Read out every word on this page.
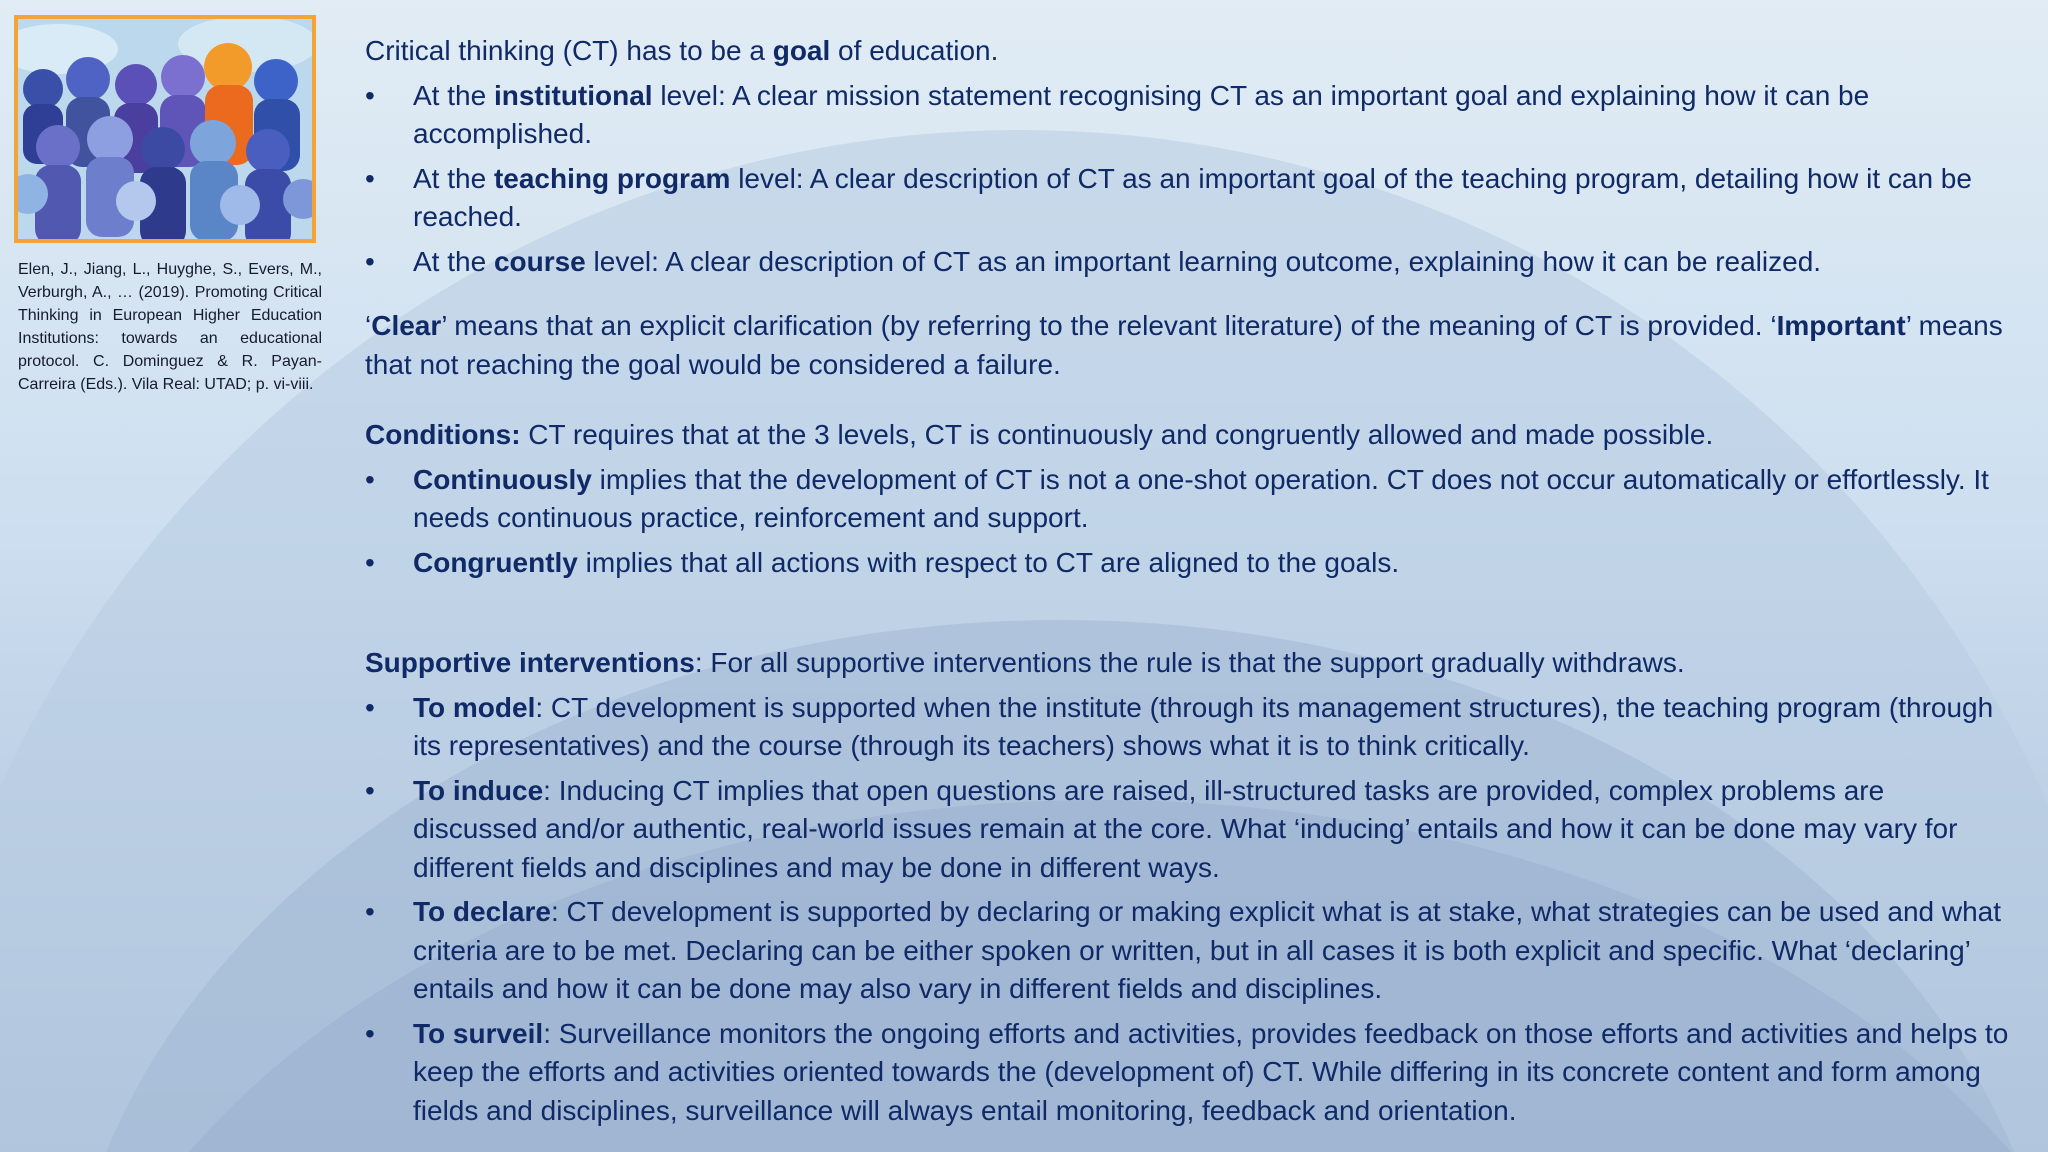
Elen, J., Jiang, L., Huyghe, S., Evers, M., Verburgh, A., … (2019). Promoting Critical Thinking in European Higher Education Institutions: towards an educational protocol. C. Dominguez & R. Payan-Carreira (Eds.). Vila Real: UTAD; p. vi-viii.

Critical thinking (CT) has to be a goal of education.

• At the institutional level: A clear mission statement recognising CT as an important goal and explaining how it can be accomplished.
• At the teaching program level: A clear description of CT as an important goal of the teaching program, detailing how it can be reached.
• At the course level: A clear description of CT as an important learning outcome, explaining how it can be realized.

‘Clear’ means that an explicit clarification (by referring to the relevant literature) of the meaning of CT is provided. ‘Important’ means that not reaching the goal would be considered a failure.

Conditions: CT requires that at the 3 levels, CT is continuously and congruently allowed and made possible.

• Continuously implies that the development of CT is not a one-shot operation. CT does not occur automatically or effortlessly. It needs continuous practice, reinforcement and support.
• Congruently implies that all actions with respect to CT are aligned to the goals.

Supportive interventions: For all supportive interventions the rule is that the support gradually withdraws.

• To model: CT development is supported when the institute (through its management structures), the teaching program (through its representatives) and the course (through its teachers) shows what it is to think critically.
• To induce: Inducing CT implies that open questions are raised, ill-structured tasks are provided, complex problems are discussed and/or authentic, real-world issues remain at the core. What ‘inducing’ entails and how it can be done may vary for different fields and disciplines and may be done in different ways.
• To declare: CT development is supported by declaring or making explicit what is at stake, what strategies can be used and what criteria are to be met. Declaring can be either spoken or written, but in all cases it is both explicit and specific. What ‘declaring’ entails and how it can be done may also vary in different fields and disciplines.
• To surveil: Surveillance monitors the ongoing efforts and activities, provides feedback on those efforts and activities and helps to keep the efforts and activities oriented towards the (development of) CT. While differing in its concrete content and form among fields and disciplines, surveillance will always entail monitoring, feedback and orientation.
